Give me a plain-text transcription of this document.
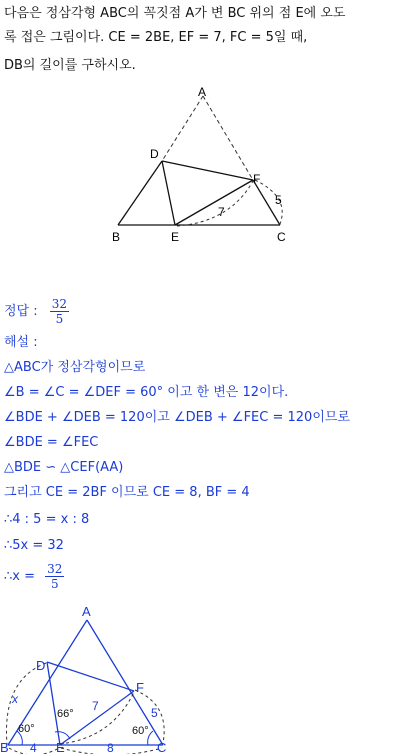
다음은 정삼각형 ABC의 꼭짓점 A가 변 BC 위의 점 E에 오도
록 접은 그림이다. CE = 2BE, EF = 7, FC = 5일 때,
DB의 길이를 구하시오.
A
D
F
B	E	C
7
5
정답 : $\frac{32}{5}$
해설 :
△ABC가 정삼각형이므로
∠B = ∠C = ∠DEF = 60° 이고 한 변은 12이다.
∠BDE + ∠DEB = 120이고 ∠DEB + ∠FEC = 120이므로
∠BDE = ∠FEC
△BDE ∽ △CEF(AA)
그리고 CE = 2BF 이므로 CE = 8, BF = 4
∴4 : 5 = x : 8
∴5x = 32
∴x = $\frac{32}{5}$
A
D
F
B	E	C
x	7	5
4	8
60°
66°
60°
